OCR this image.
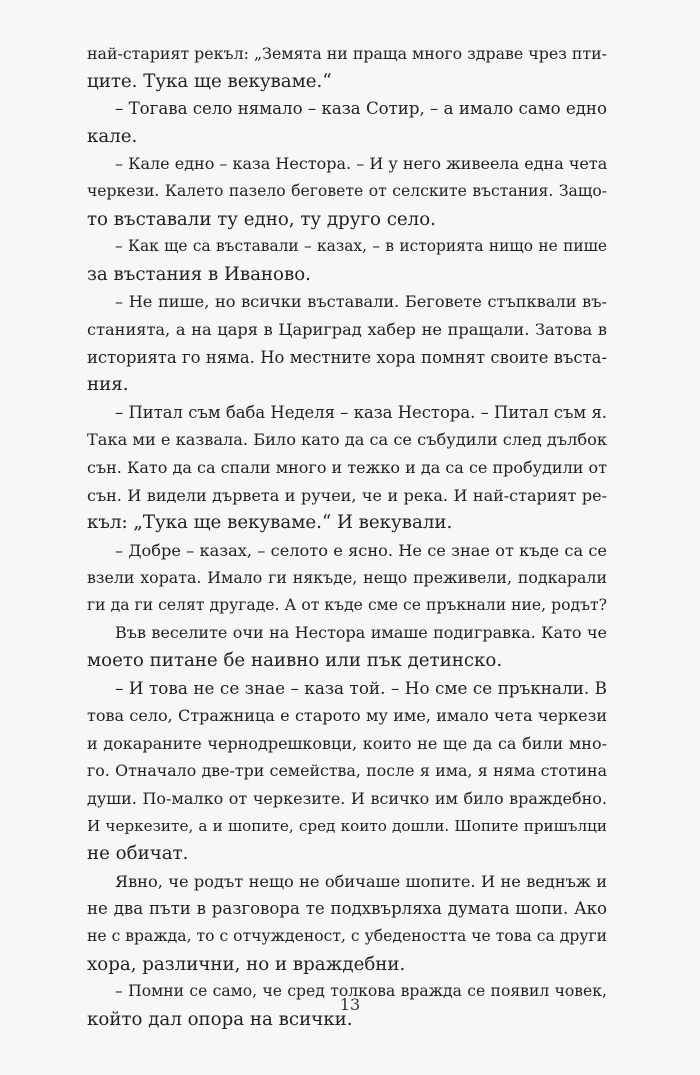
най-старият рекъл: „Земята ни праща много здраве чрез пти-

ците. Тука ще векуваме.“

– Тогава село нямало – каза Сотир, – а имало само едно

кале.

– Кале едно – каза Нестора. – И у него живеела една чета

черкези. Калето пазело беговете от селските въстания. Защо-

то въставали ту едно, ту друго село.

– Как ще са въставали – казах, – в историята нищо не пише

за въстания в Иваново.

– Не пише, но всички въставали. Беговете стъпквали въ-

станията, а на царя в Цариград хабер не пращали. Затова в

историята го няма. Но местните хора помнят своите въста-

ния.

– Питал съм баба Неделя – каза Нестора. – Питал съм я.

Така ми е казвала. Било като да са се събудили след дълбок

сън. Като да са спали много и тежко и да са се пробудили от

сън. И видели дървета и ручеи, че и река. И най-старият ре-

къл: „Тука ще векуваме.“ И векували.

– Добре – казах, – селото е ясно. Не се знае от къде са се

взели хората. Имало ги някъде, нещо преживели, подкарали

ги да ги селят другаде. А от къде сме се пръкнали ние, родът?

Във веселите очи на Нестора имаше подигравка. Като че

моето питане бе наивно или пък детинско.

– И това не се знае – каза той. – Но сме се пръкнали. В

това село, Стражница е старото му име, имало чета черкези

и докараните чернодрешковци, които не ще да са били мно-

го. Отначало две-три семейства, после я има, я няма стотина

души. По-малко от черкезите. И всичко им било враждебно.

И черкезите, а и шопите, сред които дошли. Шопите пришълци

не обичат.

Явно, че родът нещо не обичаше шопите. И не веднъж и

не два пъти в разговора те подхвърляха думата шопи. Ако

не с вражда, то с отчужденост, с убедеността че това са други

хора, различни, но и враждебни.

– Помни се само, че сред толкова вражда се появил човек,

който дал опора на всички.

13
